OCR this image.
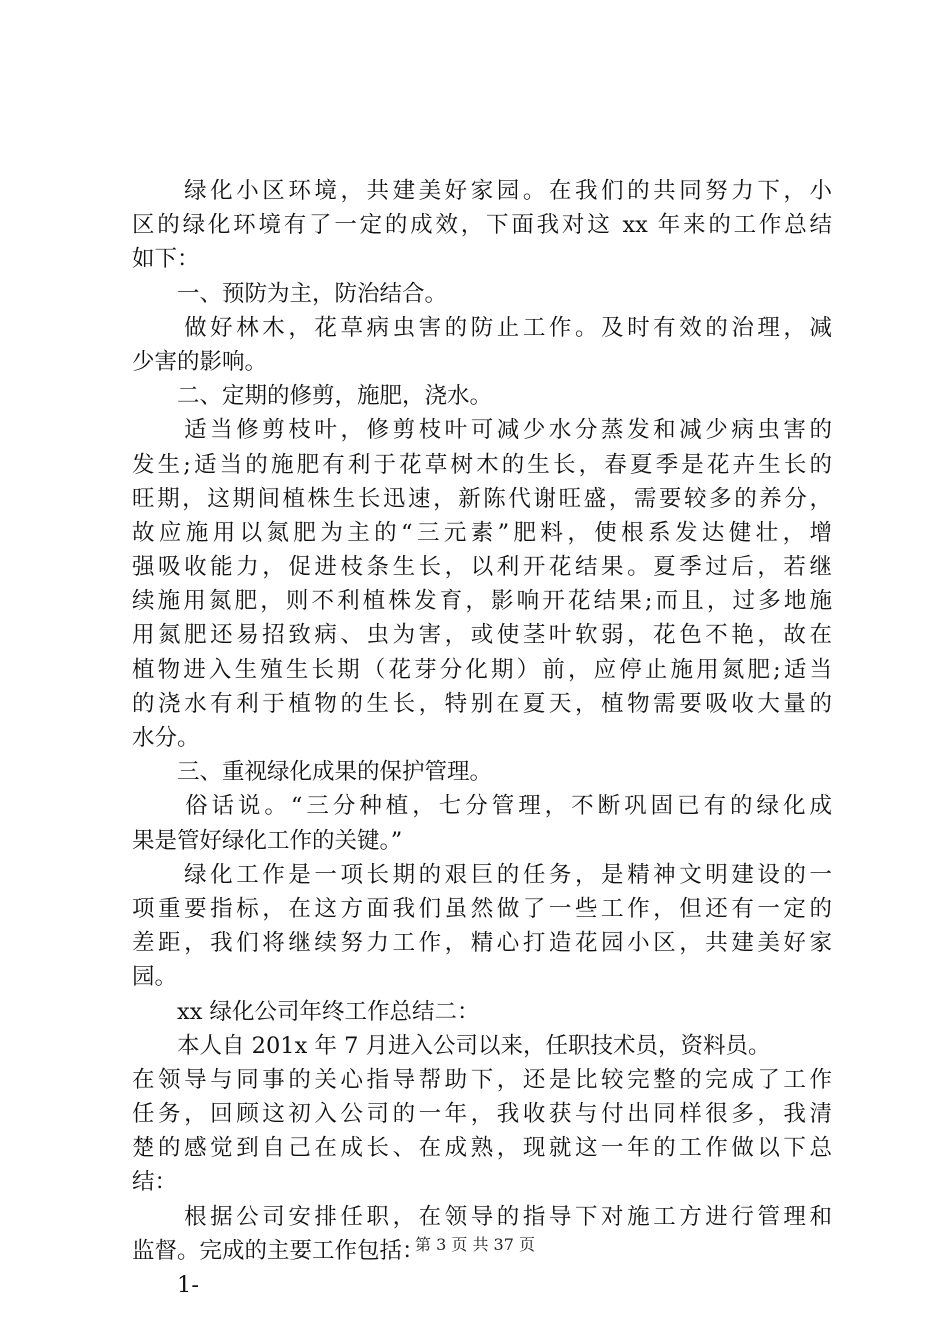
　　绿化小区环境，共建美好家园。在我们的共同努力下，小
区的绿化环境有了一定的成效，下面我对这 xx 年来的工作总结
如下：
　　一、预防为主，防治结合。
　　做好林木，花草病虫害的防止工作。及时有效的治理，减
少害的影响。
　　二、定期的修剪，施肥，浇水。
　　适当修剪枝叶，修剪枝叶可减少水分蒸发和减少病虫害的
发生;适当的施肥有利于花草树木的生长，春夏季是花卉生长的
旺期，这期间植株生长迅速，新陈代谢旺盛，需要较多的养分，
故应施用以氮肥为主的“三元素”肥料，使根系发达健壮，增
强吸收能力，促进枝条生长，以利开花结果。夏季过后，若继
续施用氮肥，则不利植株发育，影响开花结果;而且，过多地施
用氮肥还易招致病、虫为害，或使茎叶软弱，花色不艳，故在
植物进入生殖生长期（花芽分化期）前，应停止施用氮肥;适当
的浇水有利于植物的生长，特别在夏天，植物需要吸收大量的
水分。
　　三、重视绿化成果的保护管理。
　　俗话说。“三分种植，七分管理，不断巩固已有的绿化成
果是管好绿化工作的关键。”
　　绿化工作是一项长期的艰巨的任务，是精神文明建设的一
项重要指标，在这方面我们虽然做了一些工作，但还有一定的
差距，我们将继续努力工作，精心打造花园小区，共建美好家
园。
　　xx 绿化公司年终工作总结二：
　　本人自 201x 年 7 月进入公司以来，任职技术员，资料员。
在领导与同事的关心指导帮助下，还是比较完整的完成了工作
任务，回顾这初入公司的一年，我收获与付出同样很多，我清
楚的感觉到自己在成长、在成熟，现就这一年的工作做以下总
结：
　　根据公司安排任职，在领导的指导下对施工方进行管理和
监督。完成的主要工作包括：
　　1-
第 3 页 共 37 页
